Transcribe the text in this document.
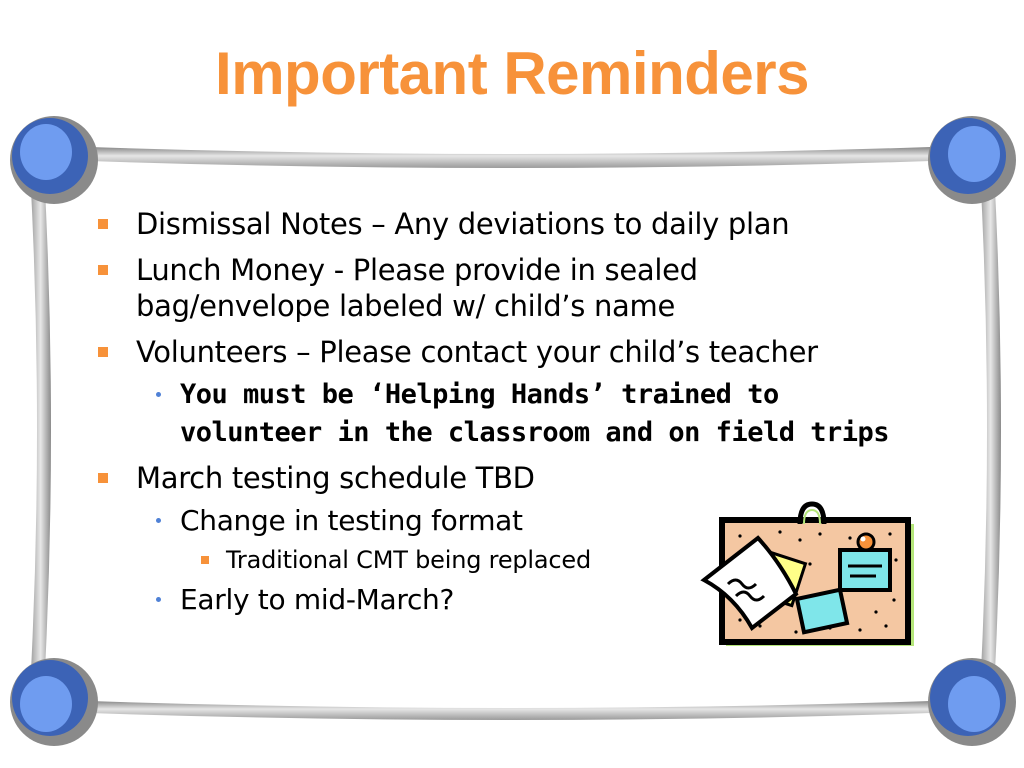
Important Reminders
Dismissal Notes – Any deviations to daily plan
Lunch Money - Please provide in sealed bag/envelope labeled w/ child’s name
Volunteers – Please contact your child’s teacher
You must be ‘Helping Hands’ trained to volunteer in the classroom and on field trips
March testing schedule TBD
Change in testing format
Traditional CMT being replaced
Early to mid-March?
